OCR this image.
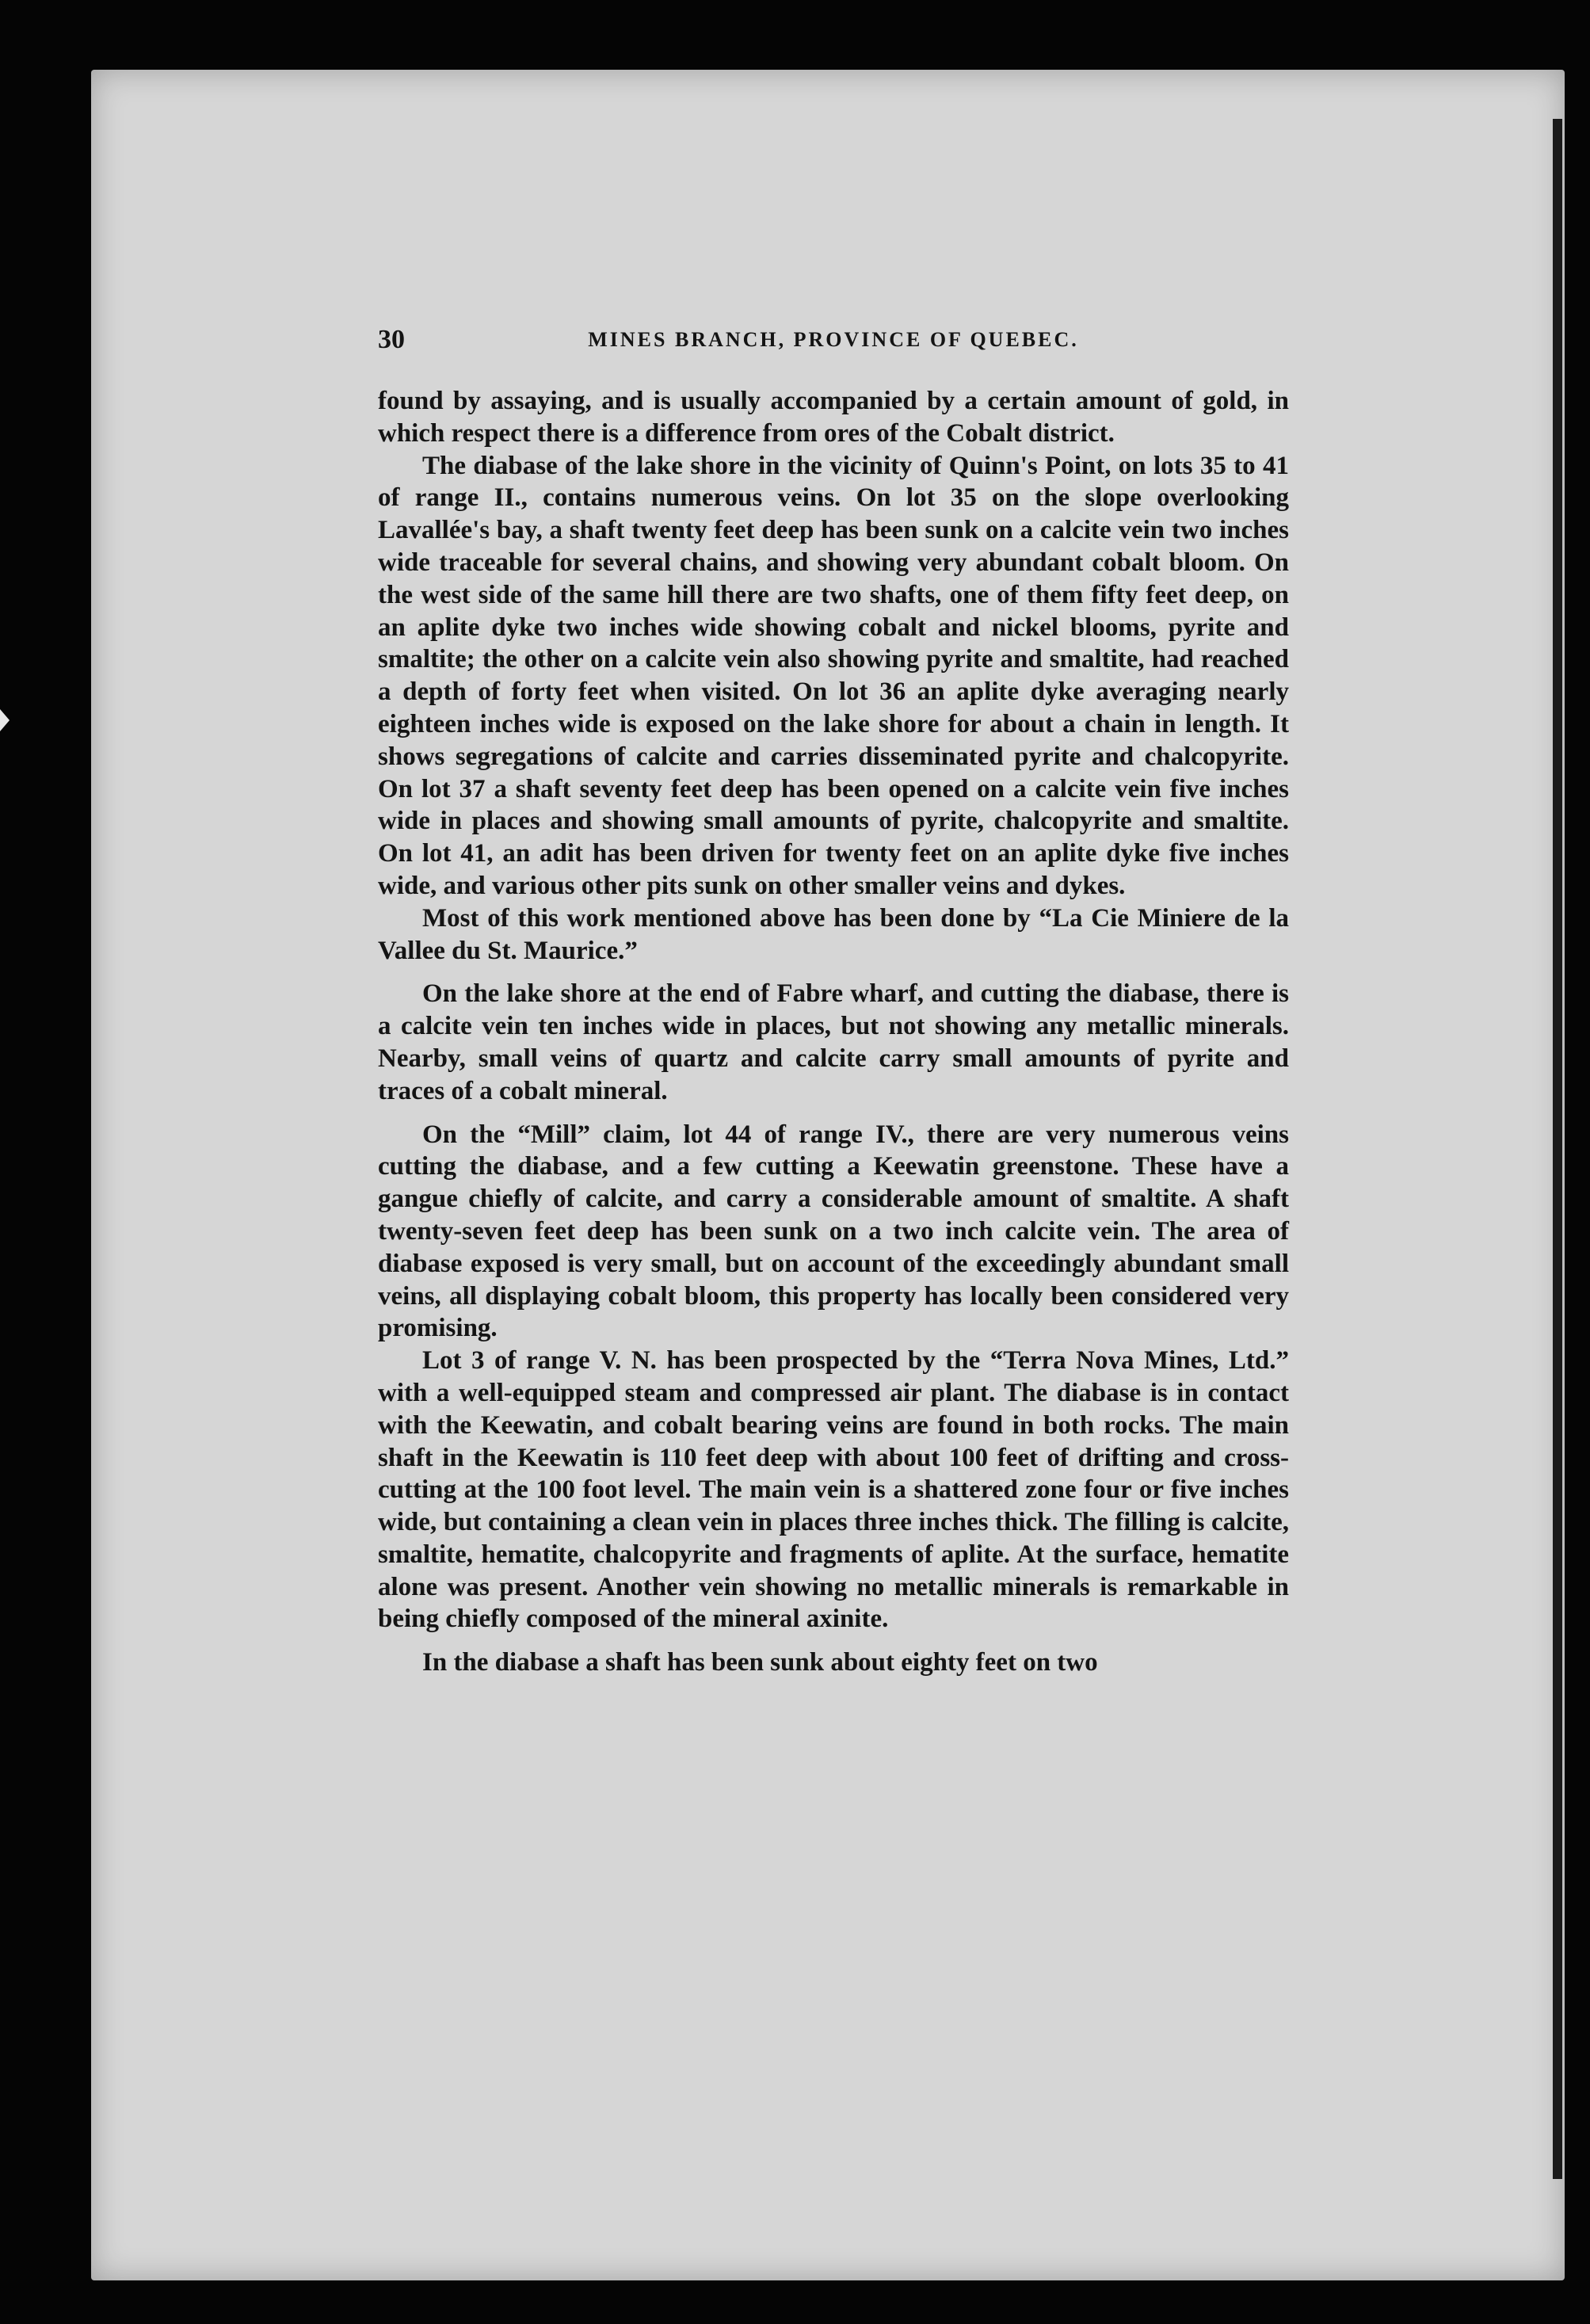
30	MINES BRANCH, PROVINCE OF QUEBEC.

found by assaying, and is usually accompanied by a certain amount of gold, in which respect there is a difference from ores of the Cobalt district.

The diabase of the lake shore in the vicinity of Quinn's Point, on lots 35 to 41 of range II., contains numerous veins. On lot 35 on the slope overlooking Lavallée's bay, a shaft twenty feet deep has been sunk on a calcite vein two inches wide traceable for several chains, and showing very abundant cobalt bloom. On the west side of the same hill there are two shafts, one of them fifty feet deep, on an aplite dyke two inches wide showing cobalt and nickel blooms, pyrite and smaltite; the other on a calcite vein also showing pyrite and smaltite, had reached a depth of forty feet when visited. On lot 36 an aplite dyke averaging nearly eighteen inches wide is exposed on the lake shore for about a chain in length. It shows segregations of calcite and carries disseminated pyrite and chalcopyrite. On lot 37 a shaft seventy feet deep has been opened on a calcite vein five inches wide in places and showing small amounts of pyrite, chalcopyrite and smaltite. On lot 41, an adit has been driven for twenty feet on an aplite dyke five inches wide, and various other pits sunk on other smaller veins and dykes.

Most of this work mentioned above has been done by “La Cie Miniere de la Vallee du St. Maurice.”

On the lake shore at the end of Fabre wharf, and cutting the diabase, there is a calcite vein ten inches wide in places, but not showing any metallic minerals. Nearby, small veins of quartz and calcite carry small amounts of pyrite and traces of a cobalt mineral.

On the “Mill” claim, lot 44 of range IV., there are very numerous veins cutting the diabase, and a few cutting a Keewatin greenstone. These have a gangue chiefly of calcite, and carry a considerable amount of smaltite. A shaft twenty-seven feet deep has been sunk on a two inch calcite vein. The area of diabase exposed is very small, but on account of the exceedingly abundant small veins, all displaying cobalt bloom, this property has locally been considered very promising.

Lot 3 of range V. N. has been prospected by the “Terra Nova Mines, Ltd.” with a well-equipped steam and compressed air plant. The diabase is in contact with the Keewatin, and cobalt bearing veins are found in both rocks. The main shaft in the Keewatin is 110 feet deep with about 100 feet of drifting and cross-cutting at the 100 foot level. The main vein is a shattered zone four or five inches wide, but containing a clean vein in places three inches thick. The filling is calcite, smaltite, hematite, chalcopyrite and fragments of aplite. At the surface, hematite alone was present. Another vein showing no metallic minerals is remarkable in being chiefly composed of the mineral axinite.

In the diabase a shaft has been sunk about eighty feet on two
